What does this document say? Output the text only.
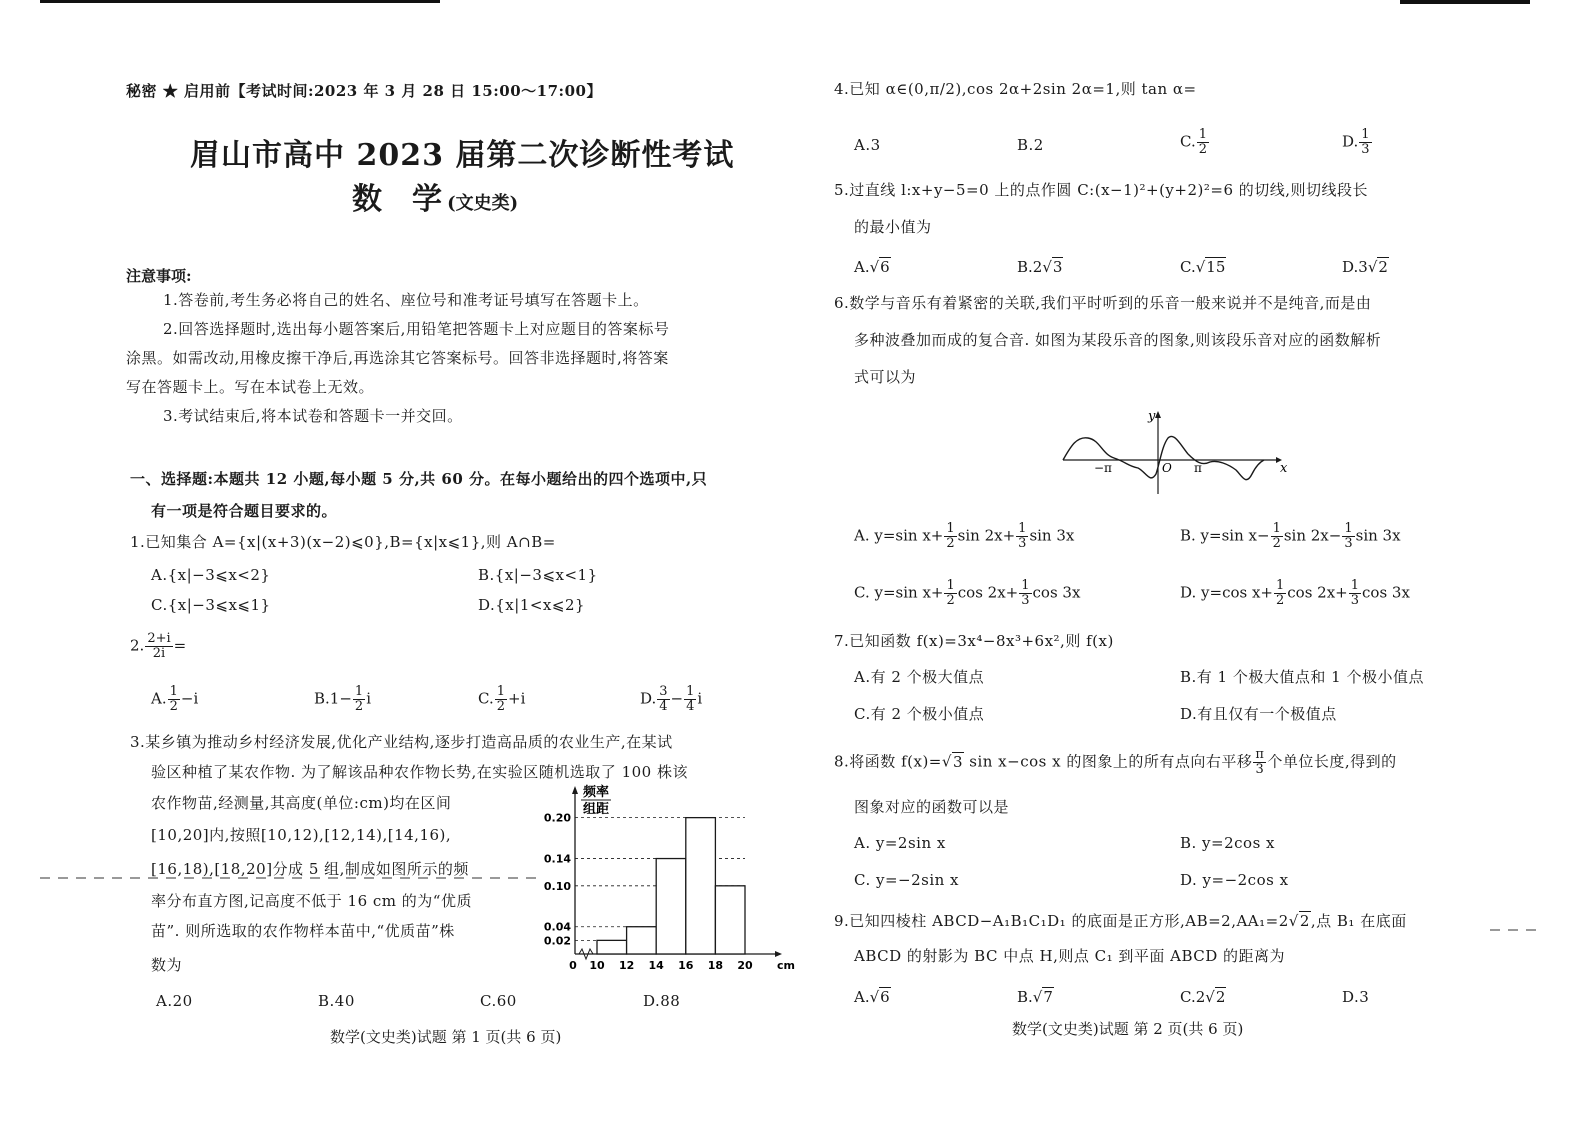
秘密 ★ 启用前【考试时间:2023 年 3 月 28 日 15:00～17:00】
眉山市高中 2023 届第二次诊断性考试
数　学 (文史类)
注意事项:
1.答卷前,考生务必将自己的姓名、座位号和准考证号填写在答题卡上。
2.回答选择题时,选出每小题答案后,用铅笔把答题卡上对应题目的答案标号
涂黑。如需改动,用橡皮擦干净后,再选涂其它答案标号。回答非选择题时,将答案
写在答题卡上。写在本试卷上无效。
3.考试结束后,将本试卷和答题卡一并交回。
一、选择题:本题共 12 小题,每小题 5 分,共 60 分。在每小题给出的四个选项中,只
有一项是符合题目要求的。
1.已知集合 A={x|(x+3)(x−2)⩽0},B={x|x⩽1},则 A∩B=
A.{x|−3⩽x<2}	B.{x|−3⩽x<1}
C.{x|−3⩽x⩽1}	D.{x|1<x⩽2}
2. $\frac{2+i}{2i}$ =
A. $\frac{1}{2} -i$	$B.1- \frac{1}{2}$ i	C. $\frac{1}{2} +i$	D. $\frac{3}{4} - \frac{1}{4}$ i
3.某乡镇为推动乡村经济发展,优化产业结构,逐步打造高品质的农业生产,在某试
验区种植了某农作物. 为了解该品种农作物长势,在实验区随机选取了 100 株该
农作物苗,经测量,其高度(单位:cm)均在区间
[10,20]内,按照[10,12),[12,14),[14,16),
[16,18),[18,20]分成 5 组,制成如图所示的频
率分布直方图,记高度不低于 16 cm 的为“优质
苗”. 则所选取的农作物样本苗中,“优质苗”株
数为
频率
组距
0.02
0.04
0.10
0.14
0.20
0 10 12 14 16 18 20 cm
A.20	B.40	C.60	D.88
数学(文史类)试题 第 1 页(共 6 页)
4.已知 α∈(0,π/2),cos 2α+2sin 2α=1,则 tan α=
A.3	B.2	C. $\frac{1}{2}$	D. $\frac{1}{3}$
5.过直线 l:x+y−5=0 上的点作圆 C:(x−1)²+(y+2)²=6 的切线,则切线段长
的最小值为
A.√6	B.2√3	C.√15	D.3√2
6.数学与音乐有着紧密的关联,我们平时听到的乐音一般来说并不是纯音,而是由
多种波叠加而成的复合音. 如图为某段乐音的图象,则该段乐音对应的函数解析
式可以为
y
x
O
−π	π
A. y=sin $x+ \frac{1}{2}$ $\sin 2x+ \frac{1}{3}$ sin 3x	B. y=sin $x- \frac{1}{2}$ $\sin 2x- \frac{1}{3}$ sin 3x
C. y=sin $x+ \frac{1}{2}$ $\cos 2x+ \frac{1}{3}$ cos 3x	D. y=cos $x+ \frac{1}{2}$ $\cos 2x+ \frac{1}{3}$ cos 3x
7.已知函数 f(x)=3x⁴−8x³+6x²,则 f(x)
A.有 2 个极大值点	B.有 1 个极大值点和 1 个极小值点
C.有 2 个极小值点	D.有且仅有一个极值点
8.将函数 f(x)=√3 sin x−cos x 的图象上的所有点向右平移 $\frac{\pi}{3}$ 个单位长度,得到的
图象对应的函数可以是
A. y=2sin x	B. y=2cos x
C. y=−2sin x	D. y=−2cos x
9.已知四棱柱 ABCD−A₁B₁C₁D₁ 的底面是正方形,AB=2,AA₁=2√2,点 B₁ 在底面
ABCD 的射影为 BC 中点 H,则点 C₁ 到平面 ABCD 的距离为
A.√6	B.√7	C.2√2	D.3
数学(文史类)试题 第 2 页(共 6 页)
